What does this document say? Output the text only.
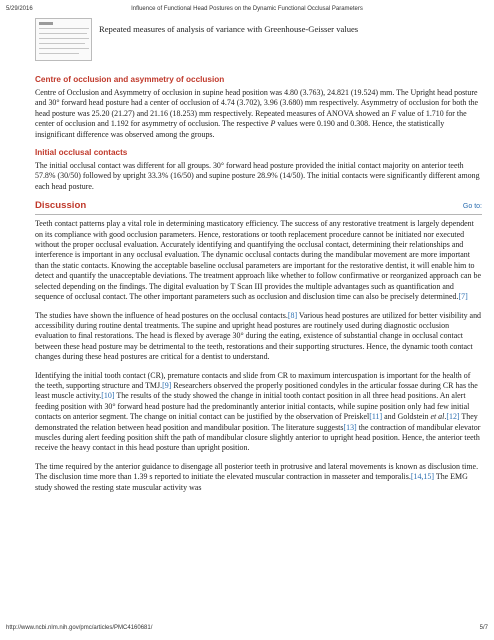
5/29/2016	Influence of Functional Head Postures on the Dynamic Functional Occlusal Parameters
Repeated measures of analysis of variance with Greenhouse-Geisser values
Centre of occlusion and asymmetry of occlusion

Centre of Occlusion and Asymmetry of occlusion in supine head position was 4.80 (3.763), 24.821 (19.524) mm. The Upright head posture and 30° forward head posture had a center of occlusion of 4.74 (3.702), 3.96 (3.680) mm respectively. Asymmetry of occlusion for both the head posture was 25.20 (21.27) and 21.16 (18.253) mm respectively. Repeated measures of ANOVA showed an F value of 1.710 for the center of occlusion and 1.192 for asymmetry of occlusion. The respective P values were 0.190 and 0.308. Hence, the statistically insignificant difference was observed among the groups.

Initial occlusal contacts

The initial occlusal contact was different for all groups. 30° forward head posture provided the initial contact majority on anterior teeth 57.8% (30/50) followed by upright 33.3% (16/50) and supine posture 28.9% (14/50). The initial contacts were significantly different among each head posture.

Discussion	Go to:

Teeth contact patterns play a vital role in determining masticatory efficiency. The success of any restorative treatment is largely dependent on its compliance with good occlusion parameters. Hence, restorations or tooth replacement procedure cannot be initiated nor executed without the proper occlusal evaluation. Accurately identifying and quantifying the occlusal contact, determining their relationships and interference is important in any occlusal evaluation. The dynamic occlusal contacts during the mandibular movement are more important than the static contacts. Knowing the acceptable baseline occlusal parameters are important for the restorative dentist, it will enable him to detect and quantify the unacceptable deviations. The treatment approach like whether to follow confirmative or reorganized approach can be selected depending on the findings. The digital evaluation by T Scan III provides the multiple advantages such as quantification and sequence of occlusal contact. The other important parameters such as occlusion and disclusion time can also be precisely determined.[7]

The studies have shown the influence of head postures on the occlusal contacts.[8] Various head postures are utilized for better visibility and accessibility during routine dental treatments. The supine and upright head postures are routinely used during diagnostic occlusion evaluation to final restorations. The head is flexed by average 30° during the eating, existence of substantial change in occlusal contact between these head posture may be detrimental to the teeth, restorations and their supporting structures. Hence, the dynamic tooth contact changes during these head postures are critical for a dentist to understand.

Identifying the initial tooth contact (CR), premature contacts and slide from CR to maximum intercuspation is important for the health of the teeth, supporting structure and TMJ.[9] Researchers observed the properly positioned condyles in the articular fossae during CR has the least muscle activity.[10] The results of the study showed the change in initial tooth contact position in all three head positions. An alert feeding position with 30° forward head posture had the predominantly anterior initial contacts, while supine position only had few initial contacts on anterior segment. The change on initial contact can be justified by the observation of Preiskel[11] and Goldstein et al.[12] They demonstrated the relation between head position and mandibular position. The literature suggests[13] the contraction of mandibular elevator muscles during alert feeding position shift the path of mandibular closure slightly anterior to upright head position. Hence, the anterior teeth receive the heavy contact in this head posture than upright position.

The time required by the anterior guidance to disengage all posterior teeth in protrusive and lateral movements is known as disclusion time. The disclusion time more than 1.39 s reported to initiate the elevated muscular contraction in masseter and temporalis.[14,15] The EMG study showed the resting state muscular activity was

http://www.ncbi.nlm.nih.gov/pmc/articles/PMC4160681/	5/7
